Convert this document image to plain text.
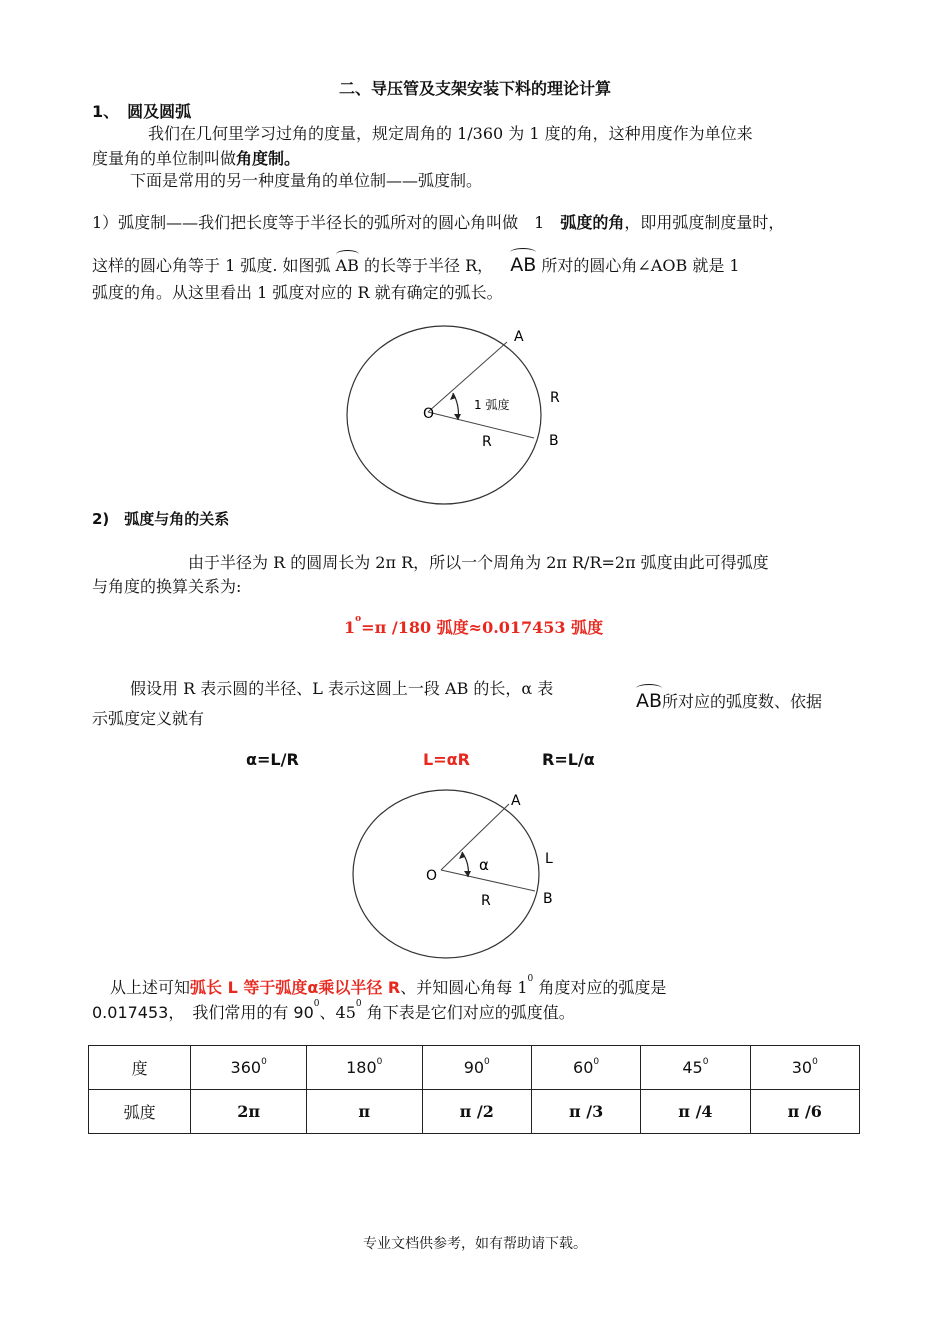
二、导压管及支架安装下料的理论计算
1、　圆及圆弧
我们在几何里学习过角的度量，规定周角的 1/360 为 1 度的角，这种用度作为单位来
度量角的单位制叫做角度制。
下面是常用的另一种度量角的单位制——弧度制。
1）弧度制——我们把长度等于半径长的弧所对的圆心角叫做　1　弧度的角，即用弧度制度量时，
这样的圆心角等于 1 弧度. 如图弧 AB 的长等于半径 R， AB 所对的圆心角∠AOB 就是 1
弧度的角。从这里看出 1 弧度对应的 R 就有确定的弧长。
A
R
B
O
R
1 弧度
2)　弧度与角的关系
由于半径为 R 的圆周长为 2π R，所以一个周角为 2π R/R=2π 弧度由此可得弧度
与角度的换算关系为:
$1^o=\pi$ /180 弧度≈0.017453 弧度
假设用 R 表示圆的半径、L 表示这圆上一段 AB 的长，α 表
示弧度定义就有
AB所对应的弧度数、依据
α=L/R	L=αR	R=L/α
A
L
B
O
R
α
从上述可知弧长 L 等于弧度α乘以半径 R、并知圆心角每 $1^0$ 角度对应的弧度是
0.017453，　我们常用的有 $90^0$、$45^0$ 角下表是它们对应的弧度值。
度	$360^0$	$180^0$	$90^0$	$60^0$	$45^0$	$30^0$
弧度	2π	π	π /2	π /3	π /4	π /6
专业文档供参考，如有帮助请下载。
